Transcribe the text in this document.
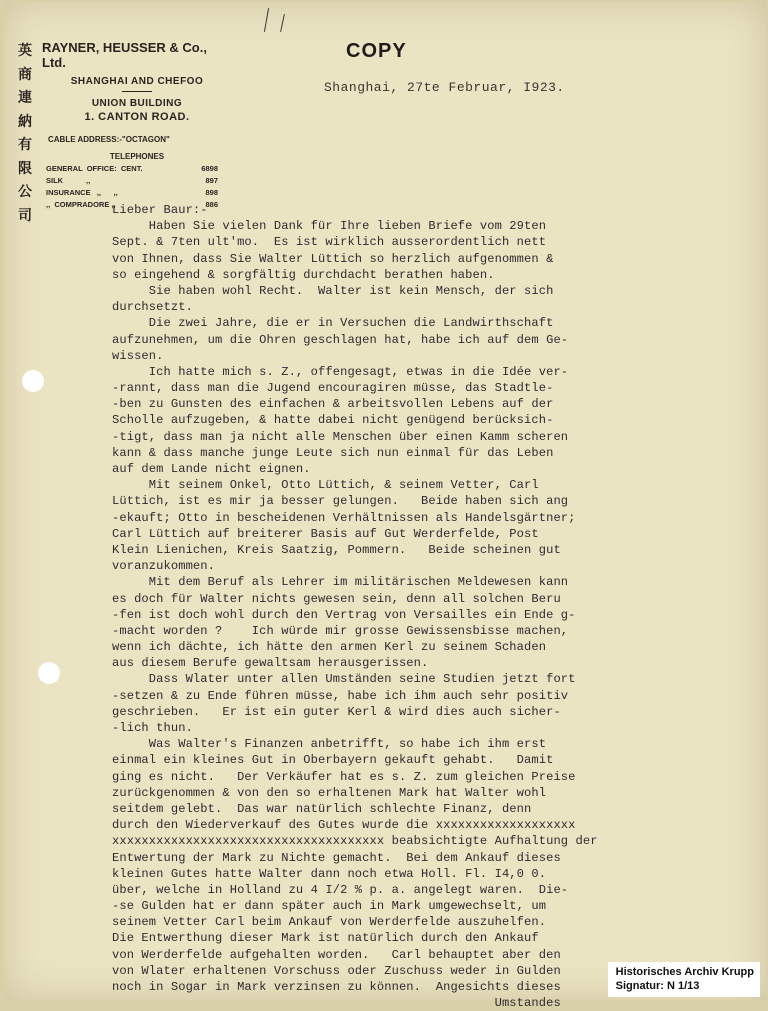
英
商
連
納
有
限
公
司
RAYNER, HEUSSER & Co., Ltd.
SHANGHAI AND CHEFOO
UNION BUILDING
1. CANTON ROAD.
CABLE ADDRESS:-"OCTAGON"
TELEPHONES
GENERAL  OFFICE:  CENT.	6898
SILK           ,,	897
INSURANCE   ,,      ,,	898
,,  COMPRADORE ,,	886
COPY
Shanghai, 27te Februar, I923.
Lieber Baur:-
Haben Sie vielen Dank für Ihre lieben Briefe vom 29ten
Sept. & 7ten ult'mo.  Es ist wirklich ausserordentlich nett
von Ihnen, dass Sie Walter Lüttich so herzlich aufgenommen &
so eingehend & sorgfältig durchdacht berathen haben.
Sie haben wohl Recht.  Walter ist kein Mensch, der sich
durchsetzt.
Die zwei Jahre, die er in Versuchen die Landwirthschaft
aufzunehmen, um die Ohren geschlagen hat, habe ich auf dem Ge-
wissen.
Ich hatte mich s. Z., offengesagt, etwas in die Idée ver-
-rannt, dass man die Jugend encouragiren müsse, das Stadtle-
-ben zu Gunsten des einfachen & arbeitsvollen Lebens auf der
Scholle aufzugeben, & hatte dabei nicht genügend berücksich-
-tigt, dass man ja nicht alle Menschen über einen Kamm scheren
kann & dass manche junge Leute sich nun einmal für das Leben
auf dem Lande nicht eignen.
Mit seinem Onkel, Otto Lüttich, & seinem Vetter, Carl
Lüttich, ist es mir ja besser gelungen.   Beide haben sich ang
-ekauft; Otto in bescheidenen Verhältnissen als Handelsgärtner;
Carl Lüttich auf breiterer Basis auf Gut Werderfelde, Post
Klein Lienichen, Kreis Saatzig, Pommern.   Beide scheinen gut
voranzukommen.
Mit dem Beruf als Lehrer im militärischen Meldewesen kann
es doch für Walter nichts gewesen sein, denn all solchen Beru
-fen ist doch wohl durch den Vertrag von Versailles ein Ende g-
-macht worden ?    Ich würde mir grosse Gewissensbisse machen,
wenn ich dächte, ich hätte den armen Kerl zu seinem Schaden
aus diesem Berufe gewaltsam herausgerissen.
Dass Wlater unter allen Umständen seine Studien jetzt fort
-setzen & zu Ende führen müsse, habe ich ihm auch sehr positiv
geschrieben.   Er ist ein guter Kerl & wird dies auch sicher-
-lich thun.
Was Walter's Finanzen anbetrifft, so habe ich ihm erst
einmal ein kleines Gut in Oberbayern gekauft gehabt.   Damit
ging es nicht.   Der Verkäufer hat es s. Z. zum gleichen Preise
zurückgenommen & von den so erhaltenen Mark hat Walter wohl
seitdem gelebt.  Das war natürlich schlechte Finanz, denn
durch den Wiederverkauf des Gutes wurde die xxxxxxxxxxxxxxxxxxx
xxxxxxxxxxxxxxxxxxxxxxxxxxxxxxxxxxxxx beabsichtigte Aufhaltung der
Entwertung der Mark zu Nichte gemacht.  Bei dem Ankauf dieses
kleinen Gutes hatte Walter dann noch etwa Holl. Fl. I4,0 0.
über, welche in Holland zu 4 I/2 % p. a. angelegt waren.  Die-
-se Gulden hat er dann später auch in Mark umgewechselt, um
seinem Vetter Carl beim Ankauf von Werderfelde auszuhelfen.
Die Entwerthung dieser Mark ist natürlich durch den Ankauf
von Werderfelde aufgehalten worden.   Carl behauptet aber den
von Wlater erhaltenen Vorschuss oder Zuschuss weder in Gulden
noch in Sogar in Mark verzinsen zu können.  Angesichts dieses
Umstandes
Historisches Archiv Krupp
Signatur: N 1/13
